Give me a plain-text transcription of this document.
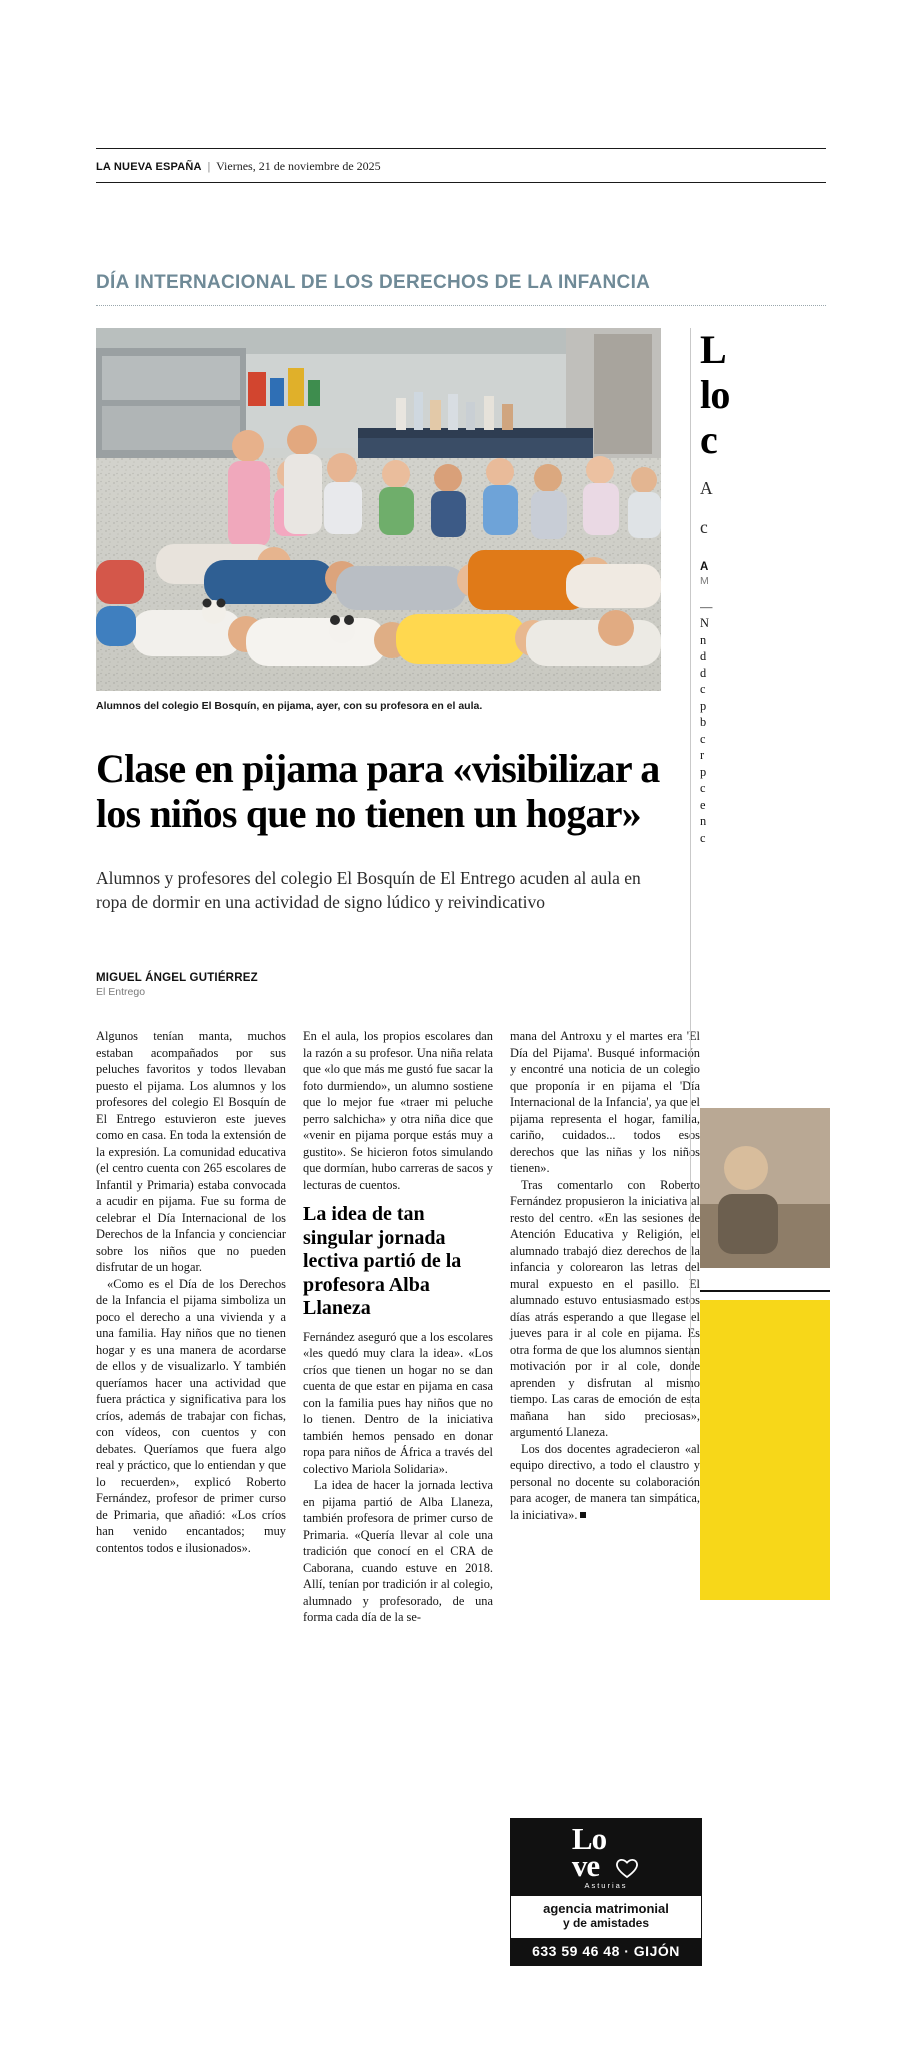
LA NUEVA ESPAÑA | Viernes, 21 de noviembre de 2025
DÍA INTERNACIONAL DE LOS DERECHOS DE LA INFANCIA
Alumnos del colegio El Bosquín, en pijama, ayer, con su profesora en el aula.
Clase en pijama para «visibilizar a los niños que no tienen un hogar»
Alumnos y profesores del colegio El Bosquín de El Entrego acuden al aula en ropa de dormir en una actividad de signo lúdico y reivindicativo
MIGUEL ÁNGEL GUTIÉRREZ
El Entrego

Algunos tenían manta, muchos estaban acompañados por sus peluches favoritos y todos llevaban puesto el pijama. Los alumnos y los profesores del colegio El Bosquín de El Entrego estuvieron este jueves como en casa. En toda la extensión de la expresión. La comunidad educativa (el centro cuenta con 265 escolares de Infantil y Primaria) estaba convocada a acudir en pijama. Fue su forma de celebrar el Día Internacional de los Derechos de la Infancia y concienciar sobre los niños que no pueden disfrutar de un hogar.

«Como es el Día de los Derechos de la Infancia el pijama simboliza un poco el derecho a una vivienda y a una familia. Hay niños que no tienen hogar y es una manera de acordarse de ellos y de visualizarlo. Y también queríamos hacer una actividad que fuera práctica y significativa para los críos, además de trabajar con fichas, con vídeos, con cuentos y con debates. Queríamos que fuera algo real y práctico, que lo entiendan y que lo recuerden», explicó Roberto Fernández, profesor de primer curso de Primaria, que añadió: «Los críos han venido encantados; muy contentos todos e ilusionados».

En el aula, los propios escolares dan la razón a su profesor. Una niña relata que «lo que más me gustó fue sacar la foto durmiendo», un alumno sostiene que lo mejor fue «traer mi peluche perro salchicha» y otra niña dice que «venir en pijama porque estás muy a gustito». Se hicieron fotos simulando que dormían, hubo carreras de sacos y lecturas de cuentos.

La idea de tan singular jornada lectiva partió de la profesora Alba Llaneza

Fernández aseguró que a los escolares «les quedó muy clara la idea». «Los críos que tienen un hogar no se dan cuenta de que estar en pijama en casa con la familia pues hay niños que no lo tienen. Dentro de la iniciativa también hemos pensado en donar ropa para niños de África a través del colectivo Mariola Solidaria».

La idea de hacer la jornada lectiva en pijama partió de Alba Llaneza, también profesora de primer curso de Primaria. «Quería llevar al cole una tradición que conocí en el CRA de Caborana, cuando estuve en 2018. Allí, tenían por tradición ir al colegio, alumnado y profesorado, de una forma cada día de la se-

mana del Antroxu y el martes era 'El Día del Pijama'. Busqué información y encontré una noticia de un colegio que proponía ir en pijama el 'Día Internacional de la Infancia', ya que el pijama representa el hogar, familia, cariño, cuidados... todos esos derechos que las niñas y los niños tienen».

Tras comentarlo con Roberto Fernández propusieron la iniciativa al resto del centro. «En las sesiones de Atención Educativa y Religión, el alumnado trabajó diez derechos de la infancia y colorearon las letras del mural expuesto en el pasillo. El alumnado estuvo entusiasmado estos días atrás esperando a que llegase el jueves para ir al cole en pijama. Es otra forma de que los alumnos sientan motivación por ir al cole, donde aprenden y disfrutan al mismo tiempo. Las caras de emoción de esta mañana han sido preciosas», argumentó Llaneza.

Los dos docentes agradecieron «al equipo directivo, a todo el claustro y personal no docente su colaboración para acoger, de manera tan simpática, la iniciativa».

L
lo
c
A
c
A
M

—

N

n

d

d

c

p

b

c

r

p

c

e

n

c

Lo
ve

Asturias
agencia matrimonial
y de amistades
633 59 46 48 · GIJÓN
